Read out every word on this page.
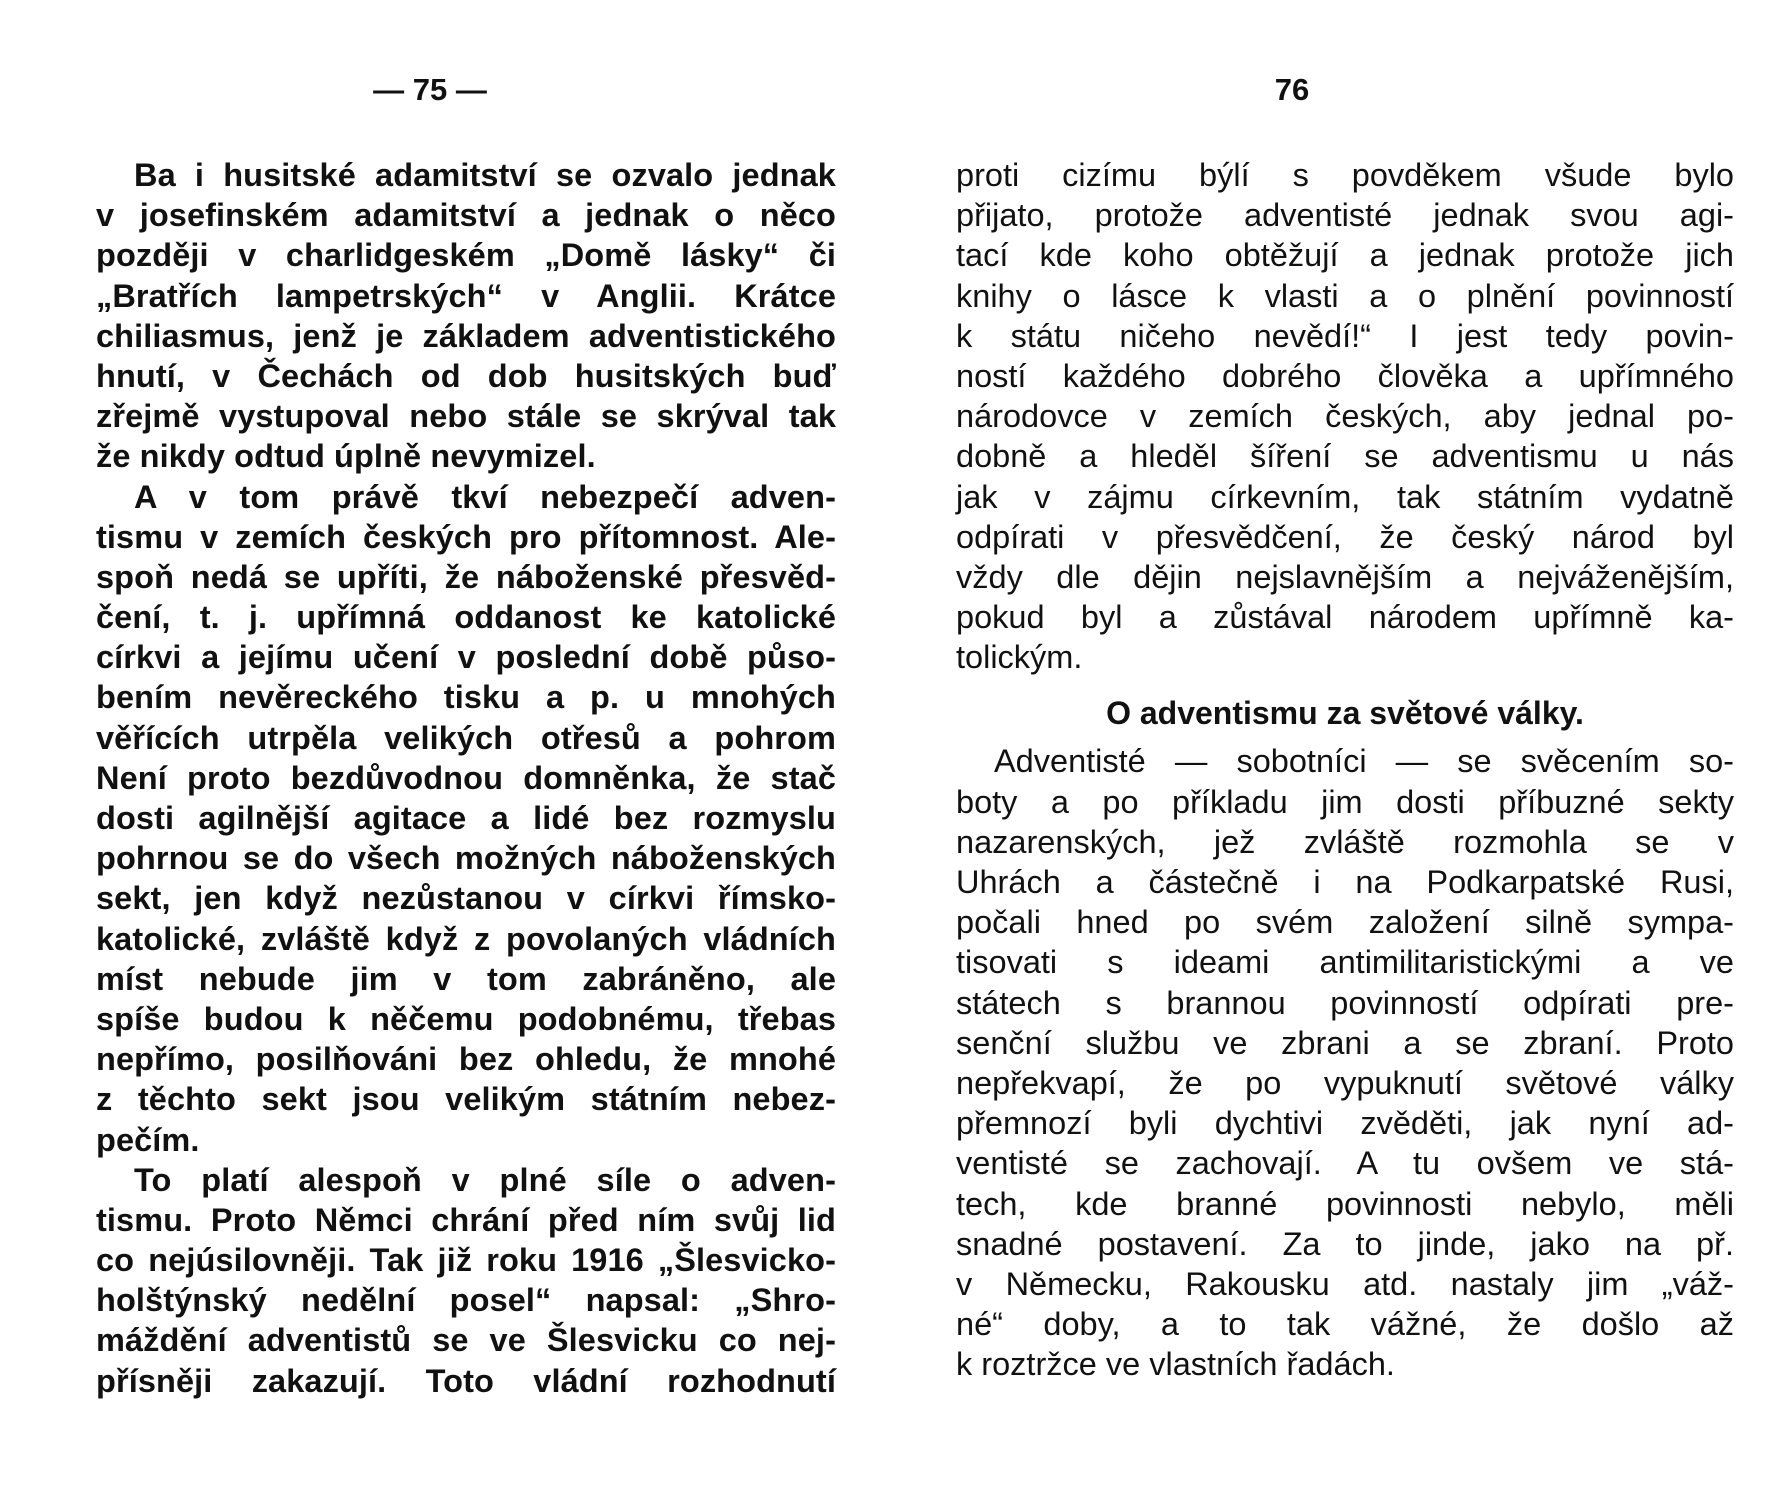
— 75 —
Ba i husitské adamitství se ozvalo jednak
v josefinském adamitství a jednak o něco
později v charlidgeském „Domě lásky“ či
„Bratřích lampetrských“ v Anglii. Krátce
chiliasmus, jenž je základem adventistického
hnutí, v Čechách od dob husitských buď
zřejmě vystupoval nebo stále se skrýval tak
že nikdy odtud úplně nevymizel.
A v tom právě tkví nebezpečí adven-
tismu v zemích českých pro přítomnost. Ale-
spoň nedá se upříti, že náboženské přesvěd-
čení, t. j. upřímná oddanost ke katolické
církvi a jejímu učení v poslední době půso-
bením nevěreckého tisku a p. u mnohých
věřících utrpěla velikých otřesů a pohrom
Není proto bezdůvodnou domněnka, že stač
dosti agilnější agitace a lidé bez rozmyslu
pohrnou se do všech možných náboženských
sekt, jen když nezůstanou v církvi římsko-
katolické, zvláště když z povolaných vládních
míst nebude jim v tom zabráněno, ale
spíše budou k něčemu podobnému, třebas
nepřímo, posilňováni bez ohledu, že mnohé
z těchto sekt jsou velikým státním nebez-
pečím.
To platí alespoň v plné síle o adven-
tismu. Proto Němci chrání před ním svůj lid
co nejúsilovněji. Tak již roku 1916 „Šlesvicko-
holštýnský nedělní posel“ napsal: „Shro-
máždění adventistů se ve Šlesvicku co nej-
přísněji zakazují. Toto vládní rozhodnutí
76
proti cizímu býlí s povděkem všude bylo
přijato, protože adventisté jednak svou agi-
tací kde koho obtěžují a jednak protože jich
knihy o lásce k vlasti a o plnění povinností
k státu ničeho nevědí!“ I jest tedy povin-
ností každého dobrého člověka a upřímného
národovce v zemích českých, aby jednal po-
dobně a hleděl šíření se adventismu u nás
jak v zájmu církevním, tak státním vydatně
odpírati v přesvědčení, že český národ byl
vždy dle dějin nejslavnějším a nejváženějším,
pokud byl a zůstával národem upřímně ka-
tolickým.
O adventismu za světové války.
Adventisté — sobotníci — se svěcením so-
boty a po příkladu jim dosti příbuzné sekty
nazarenských, jež zvláště rozmohla se v
Uhrách a částečně i na Podkarpatské Rusi,
počali hned po svém založení silně sympa-
tisovati s ideami antimilitaristickými a ve
státech s brannou povinností odpírati pre-
senční službu ve zbrani a se zbraní. Proto
nepřekvapí, že po vypuknutí světové války
přemnozí byli dychtivi zvěděti, jak nyní ad-
ventisté se zachovají. A tu ovšem ve stá-
tech, kde branné povinnosti nebylo, měli
snadné postavení. Za to jinde, jako na př.
v Německu, Rakousku atd. nastaly jim „váž-
né“ doby, a to tak vážné, že došlo až
k roztržce ve vlastních řadách.
